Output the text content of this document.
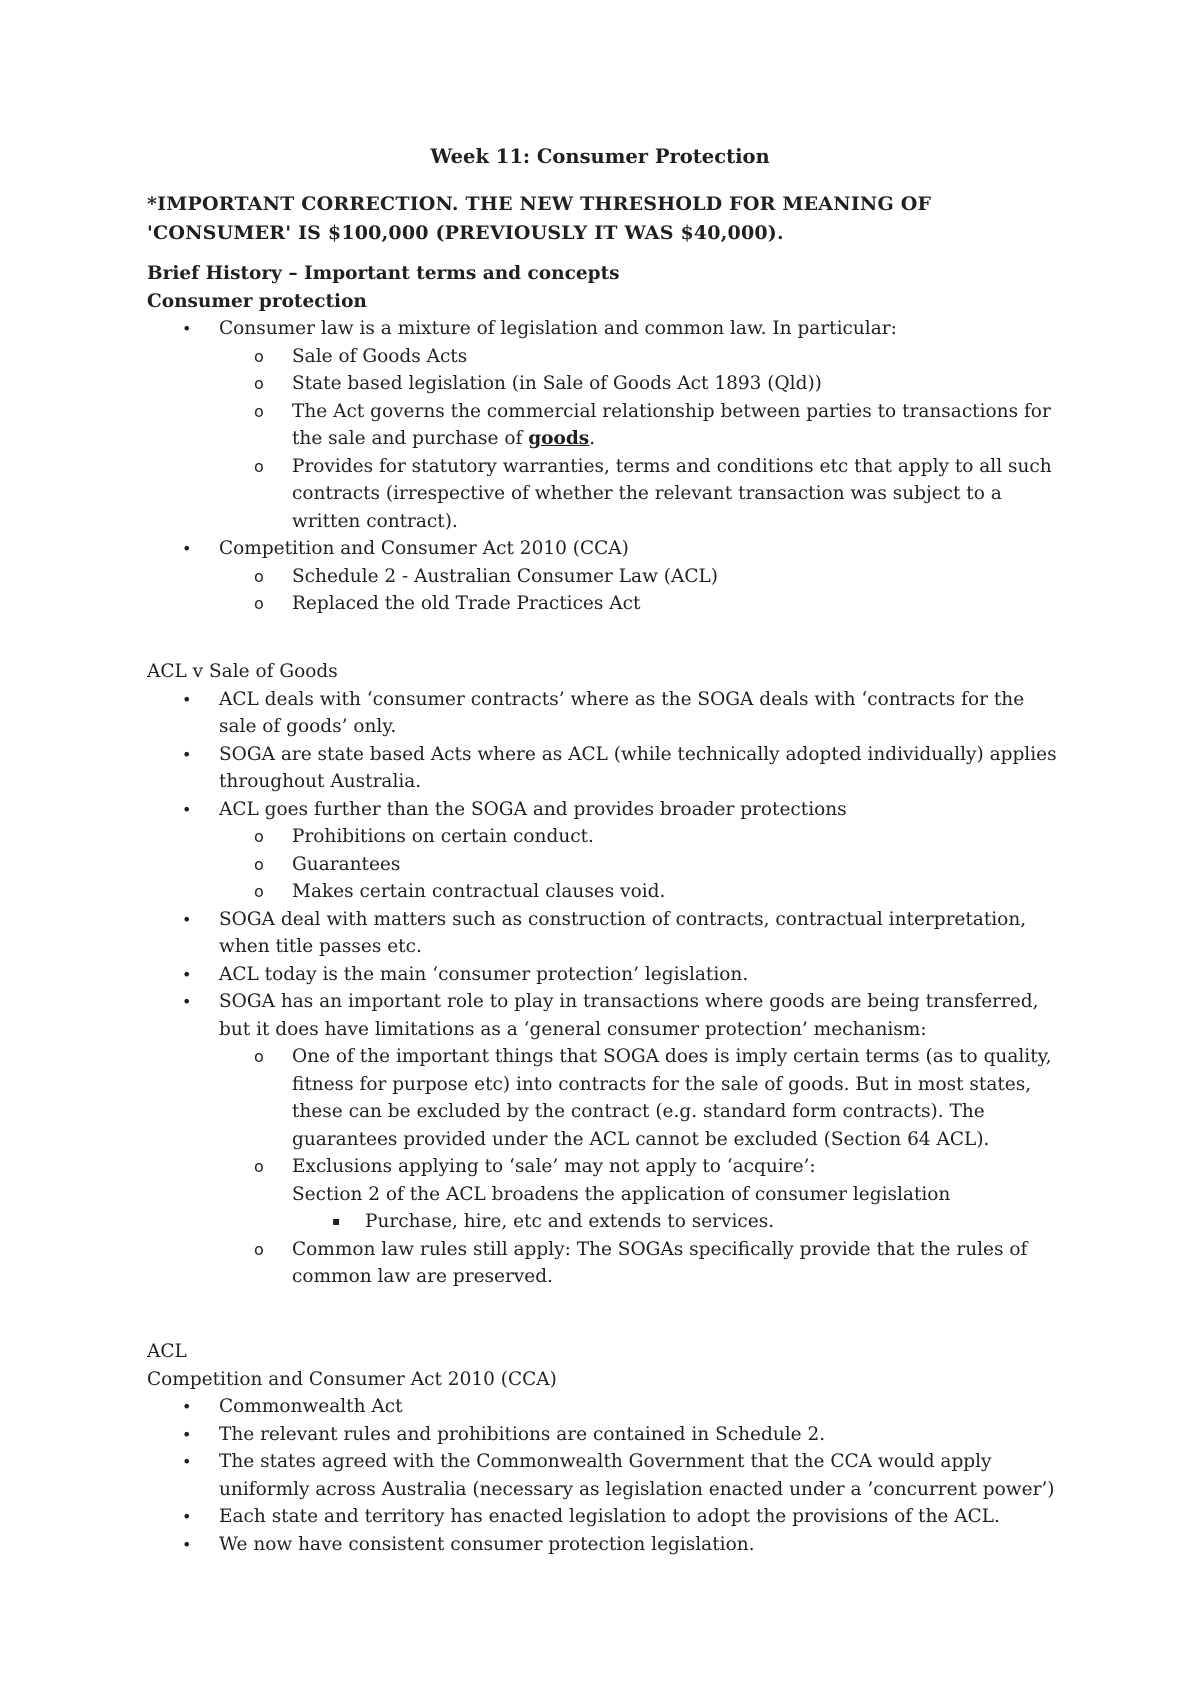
Week 11: Consumer Protection

*IMPORTANT CORRECTION. THE NEW THRESHOLD FOR MEANING OF 'CONSUMER' IS $100,000 (PREVIOUSLY IT WAS $40,000).

Brief History – Important terms and concepts
Consumer protection
• Consumer law is a mixture of legislation and common law. In particular:
o Sale of Goods Acts
o State based legislation (in Sale of Goods Act 1893 (Qld))
o The Act governs the commercial relationship between parties to transactions for the sale and purchase of goods.
o Provides for statutory warranties, terms and conditions etc that apply to all such contracts (irrespective of whether the relevant transaction was subject to a written contract).
• Competition and Consumer Act 2010 (CCA)
o Schedule 2 - Australian Consumer Law (ACL)
o Replaced the old Trade Practices Act
ACL v Sale of Goods
• ACL deals with ‘consumer contracts’ where as the SOGA deals with ‘contracts for the sale of goods’ only.
• SOGA are state based Acts where as ACL (while technically adopted individually) applies throughout Australia.
• ACL goes further than the SOGA and provides broader protections
o Prohibitions on certain conduct.
o Guarantees
o Makes certain contractual clauses void.
• SOGA deal with matters such as construction of contracts, contractual interpretation, when title passes etc.
• ACL today is the main ‘consumer protection’ legislation.
• SOGA has an important role to play in transactions where goods are being transferred, but it does have limitations as a ‘general consumer protection’ mechanism:
o One of the important things that SOGA does is imply certain terms (as to quality, fitness for purpose etc) into contracts for the sale of goods. But in most states, these can be excluded by the contract (e.g. standard form contracts). The guarantees provided under the ACL cannot be excluded (Section 64 ACL).
o Exclusions applying to ‘sale’ may not apply to ‘acquire’:
Section 2 of the ACL broadens the application of consumer legislation
▪ Purchase, hire, etc and extends to services.
o Common law rules still apply: The SOGAs specifically provide that the rules of common law are preserved.
ACL
Competition and Consumer Act 2010 (CCA)
• Commonwealth Act
• The relevant rules and prohibitions are contained in Schedule 2.
• The states agreed with the Commonwealth Government that the CCA would apply uniformly across Australia (necessary as legislation enacted under a ’concurrent power’)
• Each state and territory has enacted legislation to adopt the provisions of the ACL.
• We now have consistent consumer protection legislation.
